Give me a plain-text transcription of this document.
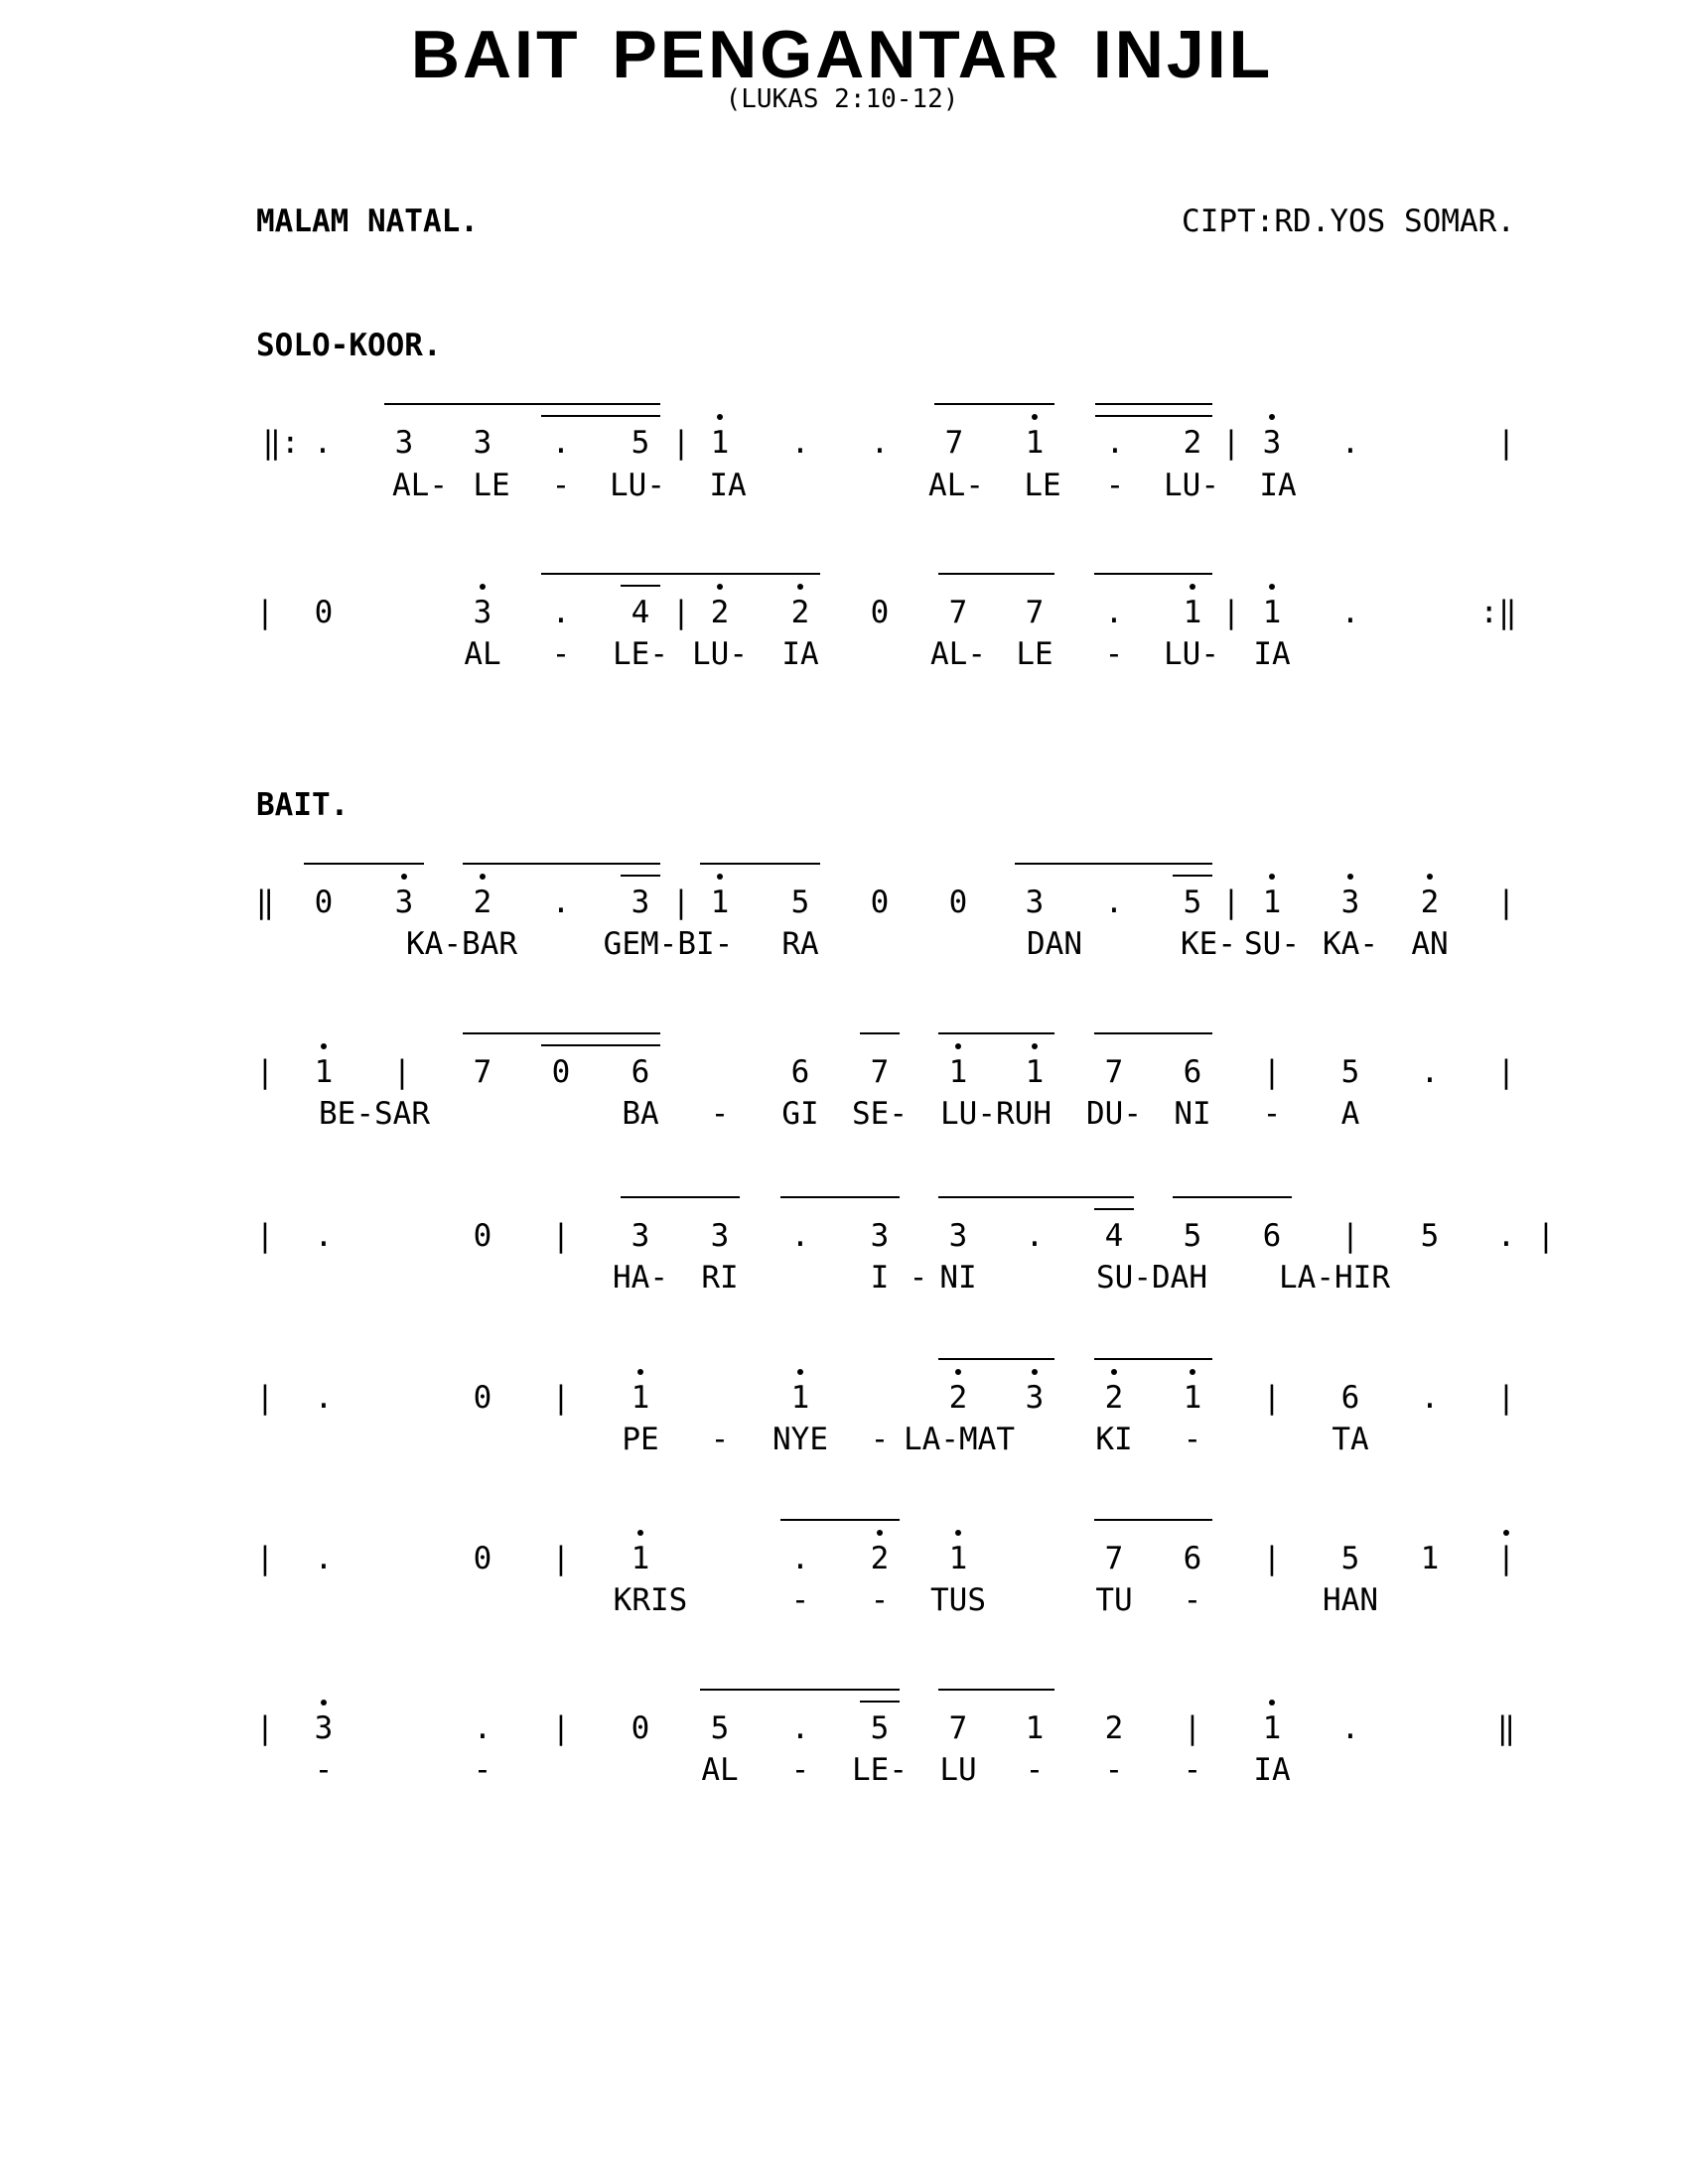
BAIT PENGANTAR INJIL
(LUKAS 2:10-12)
MALAM NATAL.	CIPT:RD.YOS SOMAR.
SOLO-KOOR.
BAIT.
‖: . 3 3 . 5 | 1 . . 7 1 . 2 | 3 .	|
AL- LE - LU- IA	AL- LE - LU- IA
| 0	3 . 4 | 2 2 0 7 7 . 1 | 1 .	:‖
AL - LE- LU- IA	AL- LE - LU- IA
‖ 0 3 2 . 3 | 1 5 0 0 3 . 5 | 1 3 2 |
KA-BAR	GEM-BI- RA	DAN	KE- SU- KA- AN
| 1 | 7 0 6	6 7 1 1 7 6 | 5 . |
BE-SAR	BA - GI SE- LU-RUH DU- NI - A
| .	0 | 3 3 . 3 3 . 4 5 6 | 5 . |
HA- RI	I - NI	SU-DAH LA-HIR
| .	0 | 1	1	2 3 2 1 | 6 . |
PE - NYE - LA-MAT	KI -	TA
| .	0 | 1	. 2 1	7 6 | 5 1 |
KRIS	- - TUS	TU -	HAN
| 3	. | 0 5 . 5 7 1 2 | 1 .	‖
-	-	AL - LE- LU - - - IA
